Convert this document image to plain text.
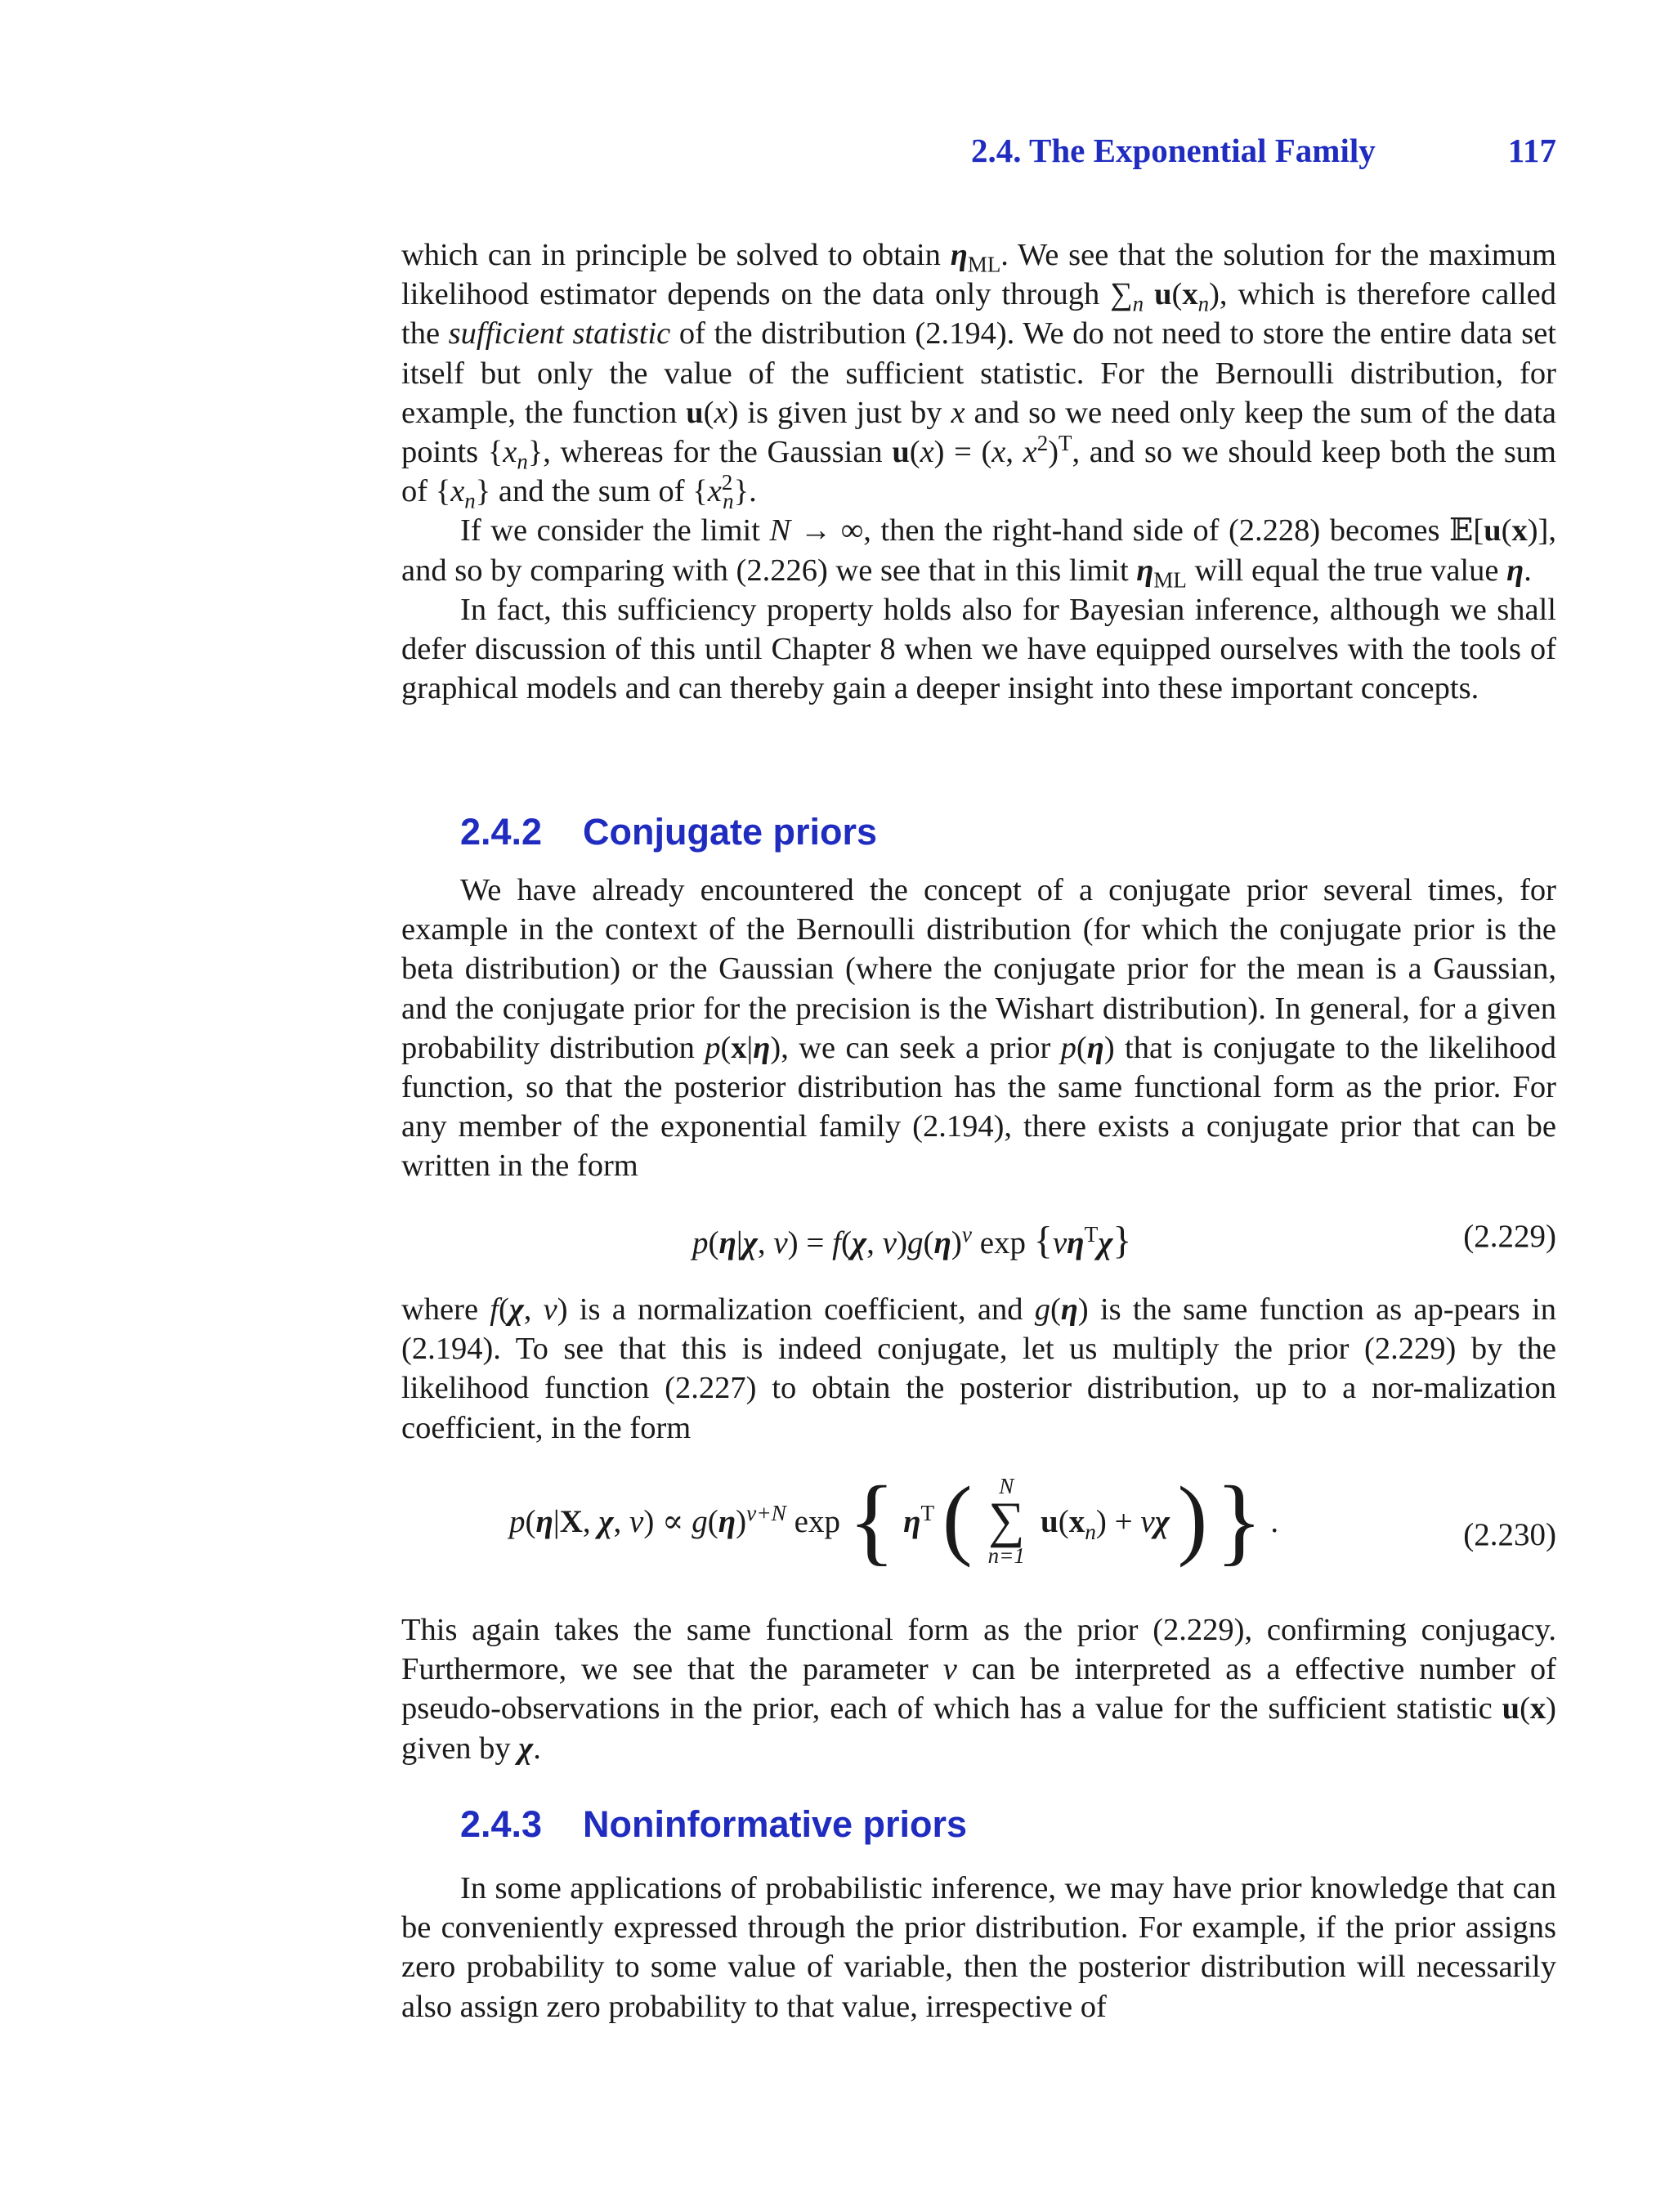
2.4. The Exponential Family	117

which can in principle be solved to obtain $\eta_{ML}$. We see that the solution for the maximum likelihood estimator depends on the data only through $\sum_n$ $u(x_n)$, which is therefore called the sufficient statistic of the distribution (2.194). We do not need to store the entire data set itself but only the value of the sufficient statistic. For the Bernoulli distribution, for example, the function u(x) is given just by x and so we need only keep the sum of the data points $\{x_n\}$, whereas for the Gaussian u(x) = (x, $x^2)^T$, and so we should keep both the sum of $\{x_n\}$ and the sum of $\{x^2_n\}$.

If we consider the limit N → ∞, then the right-hand side of (2.228) becomes 𝔼[u(x)], and so by comparing with (2.226) we see that in this limit $\eta_{ML}$ will equal the true value η.

In fact, this sufficiency property holds also for Bayesian inference, although we shall defer discussion of this until Chapter 8 when we have equipped ourselves with the tools of graphical models and can thereby gain a deeper insight into these important concepts.

2.4.2 Conjugate priors

We have already encountered the concept of a conjugate prior several times, for example in the context of the Bernoulli distribution (for which the conjugate prior is the beta distribution) or the Gaussian (where the conjugate prior for the mean is a Gaussian, and the conjugate prior for the precision is the Wishart distribution). In general, for a given probability distribution p(x|η), we can seek a prior p(η) that is conjugate to the likelihood function, so that the posterior distribution has the same functional form as the prior. For any member of the exponential family (2.194), there exists a conjugate prior that can be written in the form

p(η|χ, ν) = f(χ, $\nu)g(\eta)^\nu$ $\exp \{\nu\eta^T\chi\}$	(2.229)

where f(χ, ν) is a normalization coefficient, and g(η) is the same function as ap-pears in (2.194). To see that this is indeed conjugate, let us multiply the prior (2.229) by the likelihood function (2.227) to obtain the posterior distribution, up to a nor-malization coefficient, in the form

p(η|X, χ, $\nu) \propto g(\eta)^{\nu+N}$ exp { $\eta^T$ (	N
∑
n=1
$u(x_n) + \nu\chi$ ) } .	(2.230)

This again takes the same functional form as the prior (2.229), confirming conjugacy. Furthermore, we see that the parameter ν can be interpreted as a effective number of pseudo-observations in the prior, each of which has a value for the sufficient statistic u(x) given by χ.

2.4.3 Noninformative priors

In some applications of probabilistic inference, we may have prior knowledge that can be conveniently expressed through the prior distribution. For example, if the prior assigns zero probability to some value of variable, then the posterior distribution will necessarily also assign zero probability to that value, irrespective of
